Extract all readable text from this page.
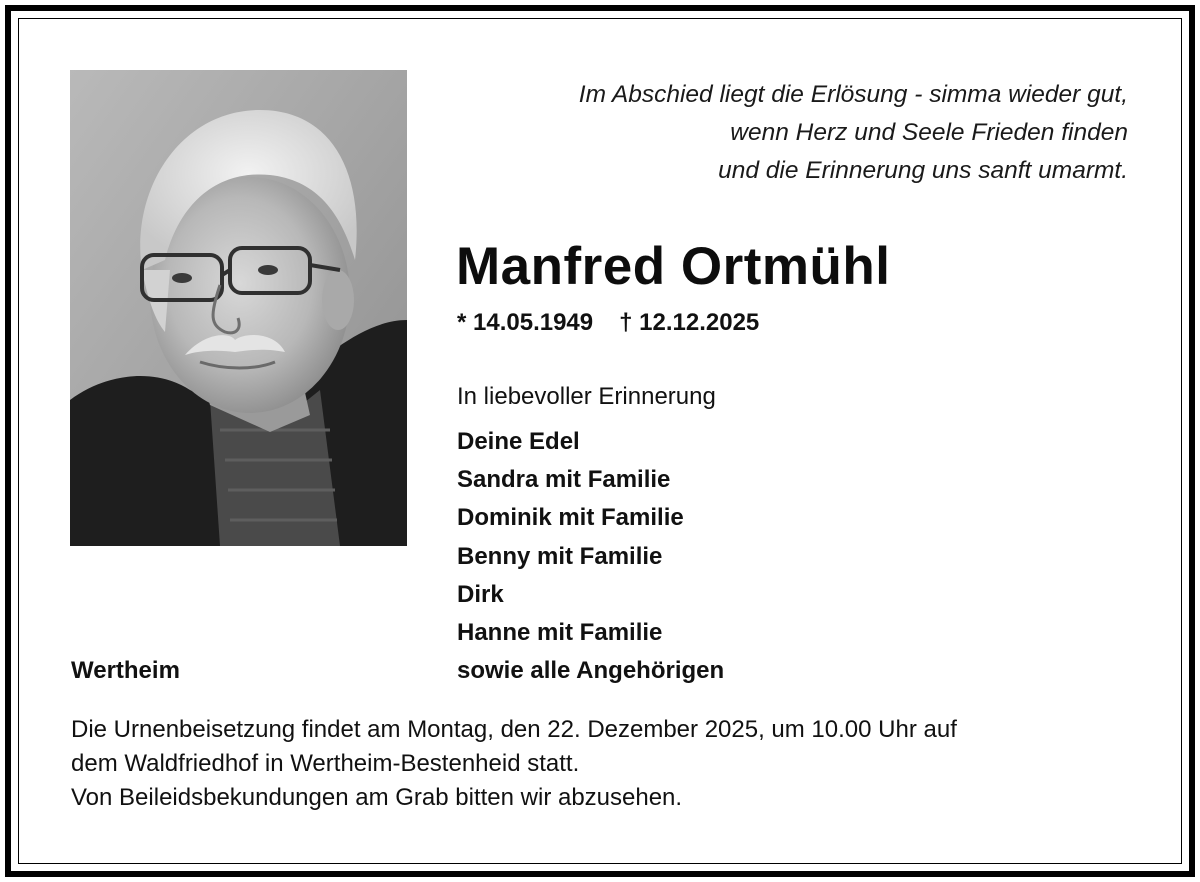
Im Abschied liegt die Erlösung - simma wieder gut,
wenn Herz und Seele Frieden finden
und die Erinnerung uns sanft umarmt.
Manfred Ortmühl
* 14.05.1949 † 12.12.2025
In liebevoller Erinnerung
Deine Edel
Sandra mit Familie
Dominik mit Familie
Benny mit Familie
Dirk
Hanne mit Familie
sowie alle Angehörigen
Wertheim
Die Urnenbeisetzung findet am Montag, den 22. Dezember 2025, um 10.00 Uhr auf
dem Waldfriedhof in Wertheim-Bestenheid statt.
Von Beileidsbekundungen am Grab bitten wir abzusehen.
